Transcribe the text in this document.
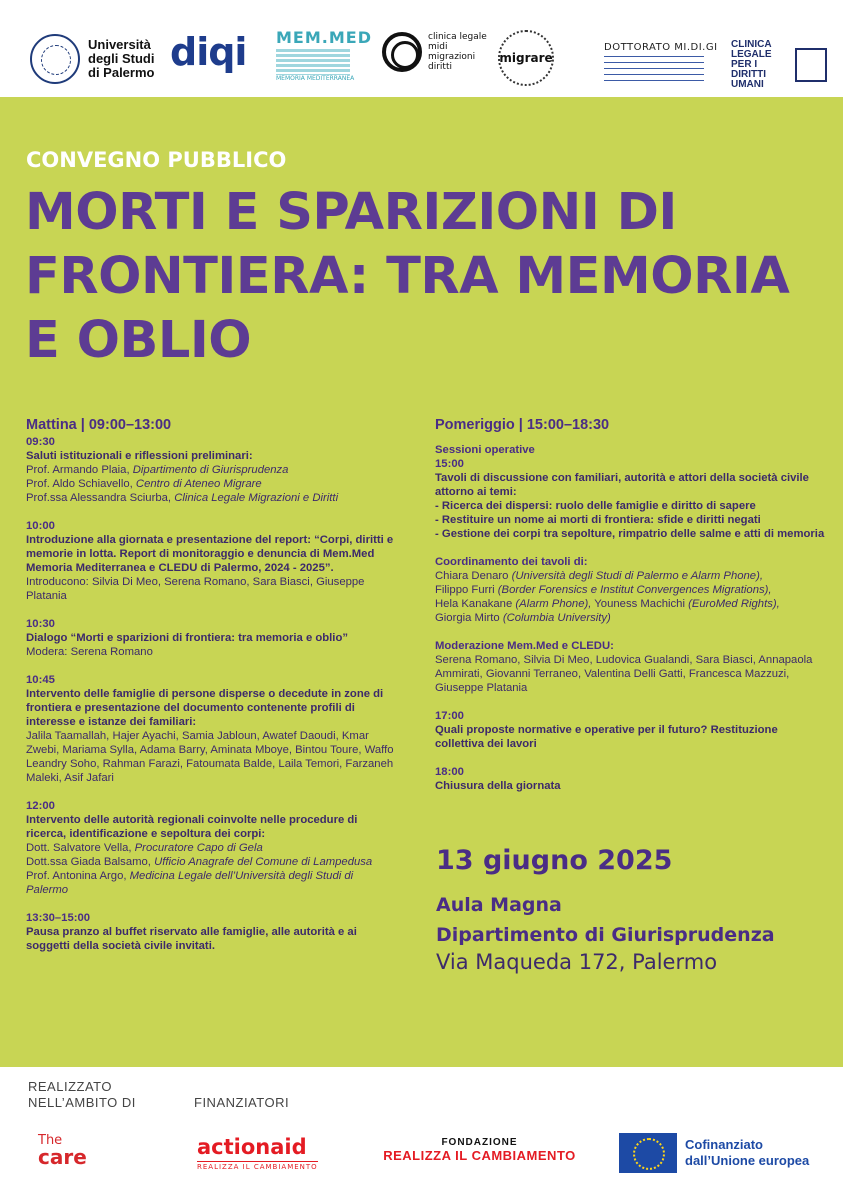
Università degli Studi di Palermo diqi MEM.MED
MEMORIA MEDITERRANEA
clinica legale midi migrazioni diritti
migrare
DOTTORATO MI.DI.GI CLINICA LEGALE PER I DIRITTI UMANI
CONVEGNO PUBBLICO
MORTI E SPARIZIONI DI FRONTIERA: TRA MEMORIA E OBLIO
Mattina | 09:00–13:00
09:30
Saluti istituzionali e riflessioni preliminari:
Prof. Armando Plaia, Dipartimento di Giurisprudenza
Prof. Aldo Schiavello, Centro di Ateneo Migrare
Prof.ssa Alessandra Sciurba, Clinica Legale Migrazioni e Diritti
10:00
Introduzione alla giornata e presentazione del report: “Corpi, diritti e memorie in lotta. Report di monitoraggio e denuncia di Mem.Med Memoria Mediterranea e CLEDU di Palermo, 2024 - 2025”.
Introducono: Silvia Di Meo, Serena Romano, Sara Biasci, Giuseppe Platania
10:30
Dialogo “Morti e sparizioni di frontiera: tra memoria e oblio”
Modera: Serena Romano
10:45
Intervento delle famiglie di persone disperse o decedute in zone di frontiera e presentazione del documento contenente profili di interesse e istanze dei familiari:
Jalila Taamallah, Hajer Ayachi, Samia Jabloun, Awatef Daoudi, Kmar Zwebi, Mariama Sylla, Adama Barry, Aminata Mboye, Bintou Toure, Waffo Leandry Soho, Rahman Farazi, Fatoumata Balde, Laila Temori, Farzaneh Maleki, Asif Jafari
12:00
Intervento delle autorità regionali coinvolte nelle procedure di ricerca, identificazione e sepoltura dei corpi:
Dott. Salvatore Vella, Procuratore Capo di Gela
Dott.ssa Giada Balsamo, Ufficio Anagrafe del Comune di Lampedusa
Prof. Antonina Argo, Medicina Legale dell’Università degli Studi di Palermo
13:30–15:00
Pausa pranzo al buffet riservato alle famiglie, alle autorità e ai soggetti della società civile invitati.
Pomeriggio | 15:00–18:30
Sessioni operative
15:00
Tavoli di discussione con familiari, autorità e attori della società civile attorno ai temi:
- Ricerca dei dispersi: ruolo delle famiglie e diritto di sapere
- Restituire un nome ai morti di frontiera: sfide e diritti negati
- Gestione dei corpi tra sepolture, rimpatrio delle salme e atti di memoria
Coordinamento dei tavoli di:
Chiara Denaro (Università degli Studi di Palermo e Alarm Phone),
Filippo Furri (Border Forensics e Institut Convergences Migrations),
Hela Kanakane (Alarm Phone), Youness Machichi (EuroMed Rights),
Giorgia Mirto (Columbia University)
Moderazione Mem.Med e CLEDU:
Serena Romano, Silvia Di Meo, Ludovica Gualandi, Sara Biasci, Annapaola Ammirati, Giovanni Terraneo, Valentina Delli Gatti, Francesca Mazzuzi, Giuseppe Platania
17:00
Quali proposte normative e operative per il futuro? Restituzione collettiva dei lavori
18:00
Chiusura della giornata
13 giugno 2025
Aula Magna
Dipartimento di Giurisprudenza
Via Maqueda 172, Palermo
REALIZZATO NELL’AMBITO DI	FINANZIATORI
The
care	actionaid
REALIZZA IL CAMBIAMENTO
FONDAZIONE
REALIZZA IL CAMBIAMENTO
Cofinanziato dall’Unione europea
